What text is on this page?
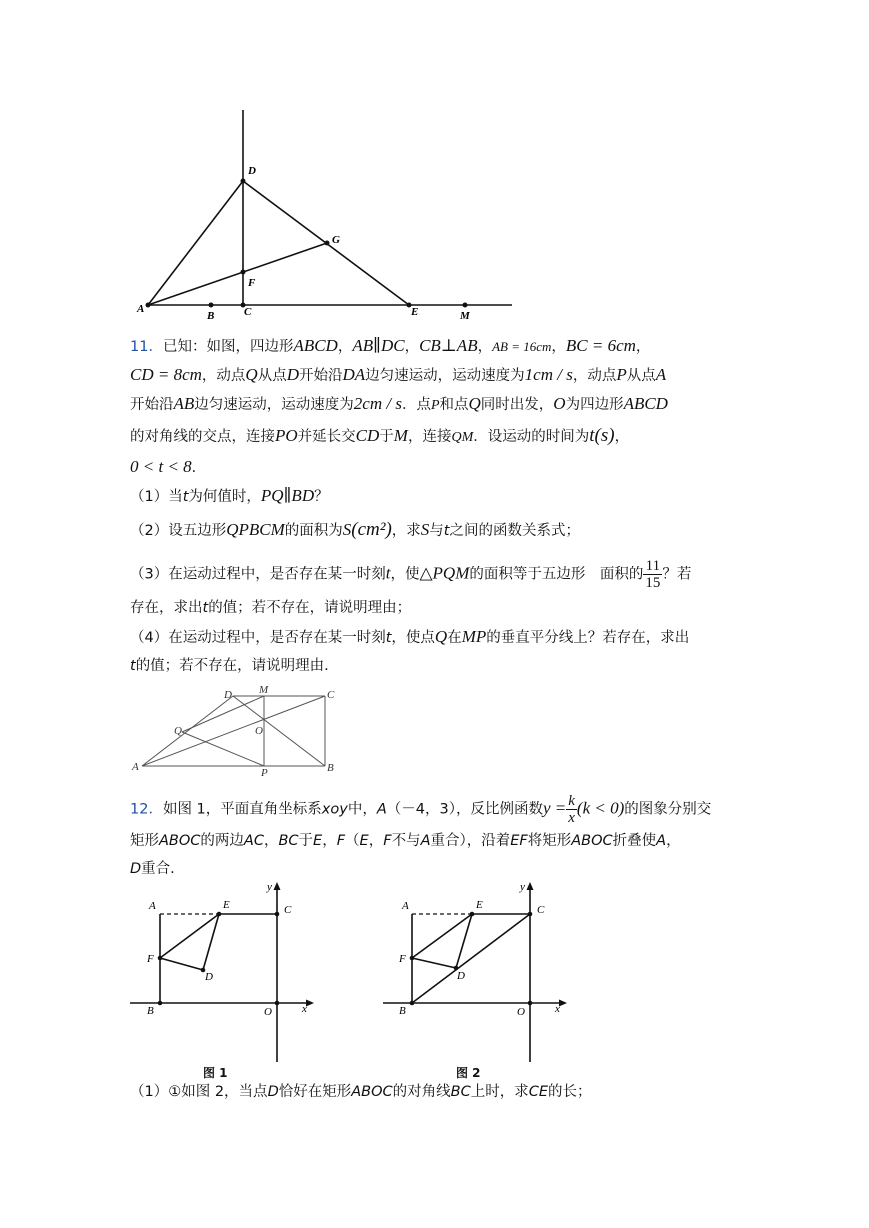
A
B	C
D
E
F
G
M
11．已知：如图，四边形ABCD，AB∥DC，CB⊥AB，AB = 16cm，BC = 6cm，
CD = 8cm，动点Q从点D开始沿DA边匀速运动，运动速度为1cm / s，动点P从点A
开始沿AB边匀速运动，运动速度为2cm / s．点P和点Q同时出发，O为四边形ABCD
的对角线的交点，连接PO并延长交CD于M，连接QM．设运动的时间为t(s)，
0 < t < 8．
（1）当t为何值时，PQ∥BD？
（2）设五边形QPBCM的面积为S(cm²)，求S与t之间的函数关系式；
（3）在运动过程中，是否存在某一时刻t，使△PQM的面积等于五边形　面积的 $\frac{11}{15}$ ？若
存在，求出t的值；若不存在，请说明理由；
（4）在运动过程中，是否存在某一时刻t，使点Q在MP的垂直平分线上？若存在，求出
t的值；若不存在，请说明理由.
A	B
C
D M
O
P
Q
12．如图 1，平面直角坐标系xoy中，A（－4，3），反比例函数$y = \frac{k}{x} (k < 0)$的图象分别交
矩形ABOC的两边AC，BC于E，F（E，F不与A重合），沿着EF将矩形ABOC折叠使A，
D重合.
A
B
C
D
E
F
O	x
y
图 1
A
B
C
D
E
F
O	x
y
图 2
（1）①如图 2，当点D恰好在矩形ABOC的对角线BC上时，求CE的长；
